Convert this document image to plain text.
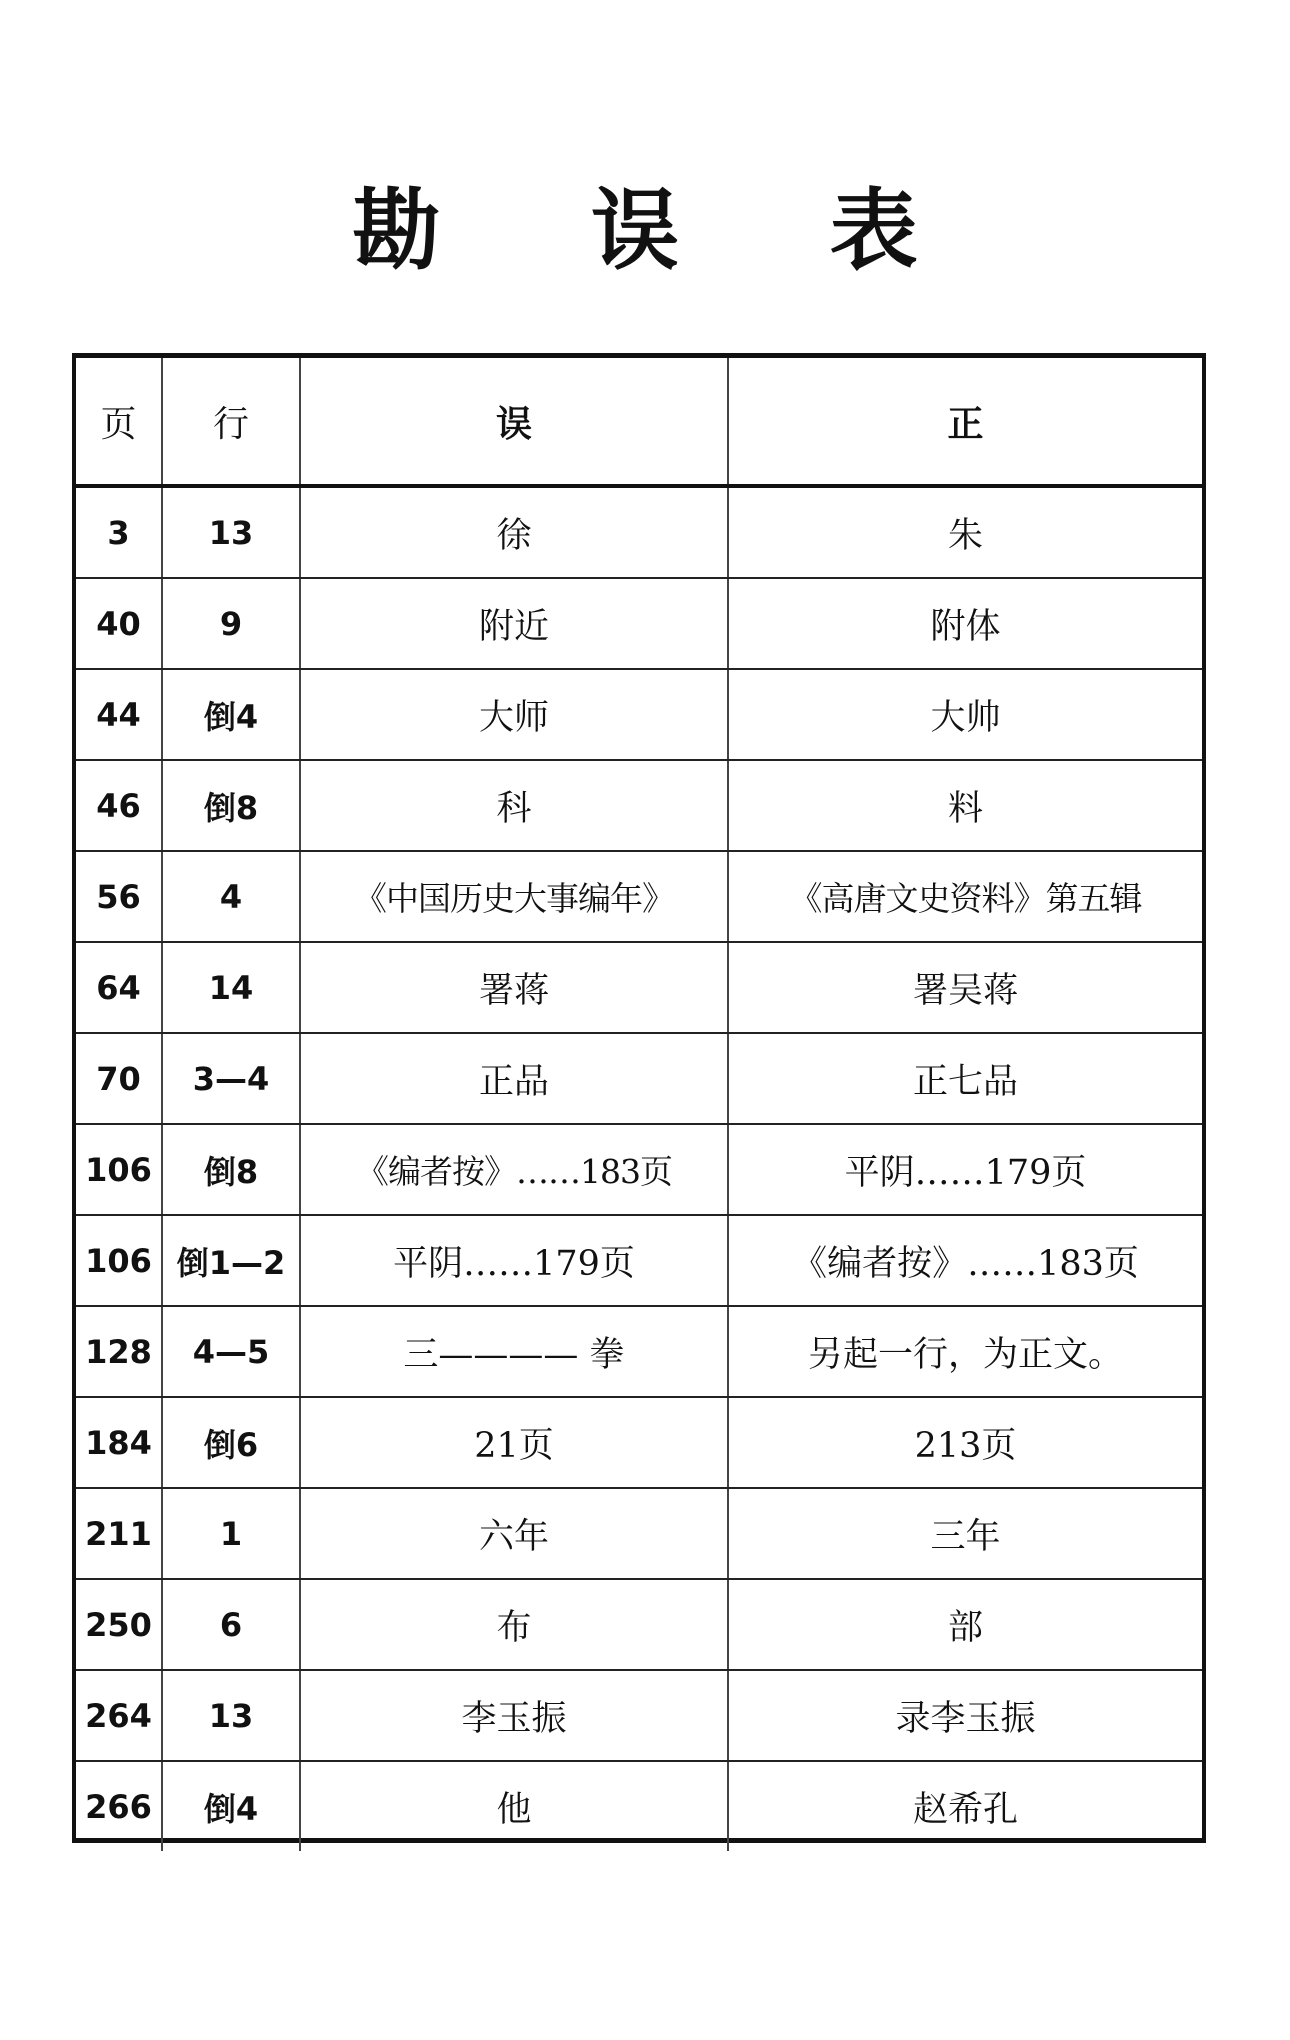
勘 误 表
页	行	误	正
3	13	徐	朱
40	9	附近	附体
44	倒4	大师	大帅
46	倒8	科	料
56	4	《中国历史大事编年》	《高唐文史资料》第五辑
64	14	署蒋	署吴蒋
70	3—4	正品	正七品
106	倒8	《编者按》……183页	平阴……179页
106	倒1—2	平阴……179页	《编者按》……183页
128	4—5	三———— 拳	另起一行，为正文。
184	倒6	21页	213页
211	1	六年	三年
250	6	布	部
264	13	李玉振	录李玉振
266	倒4	他	赵希孔
